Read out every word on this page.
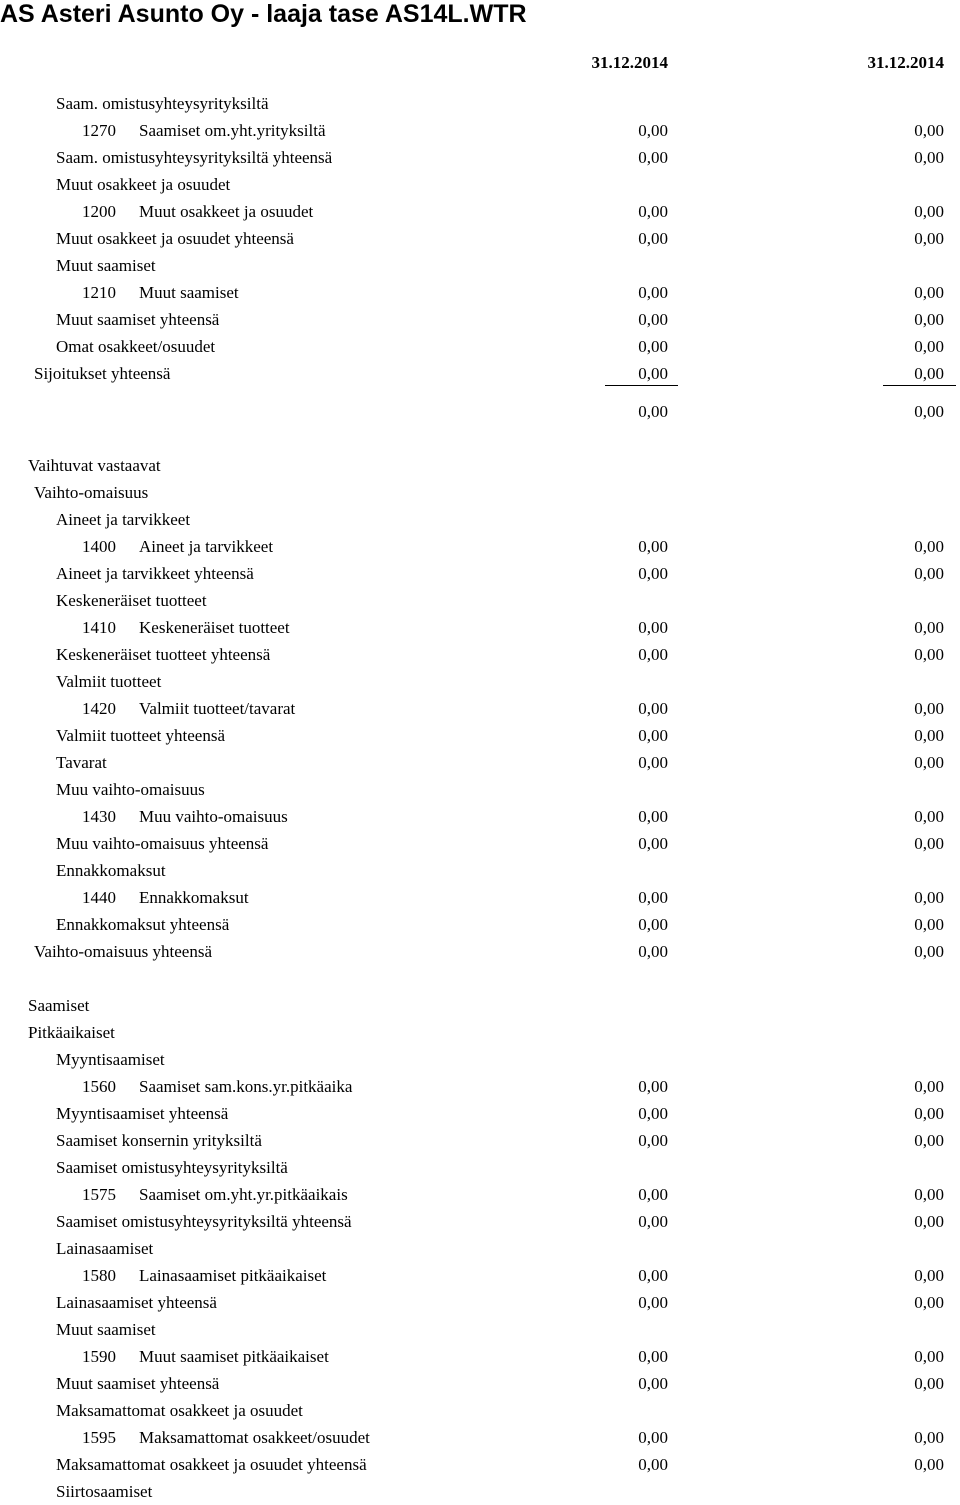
AS Asteri Asunto Oy - laaja tase AS14L.WTR
31.12.2014	31.12.2014
Saam. omistusyhteysyrityksiltä
1270	Saamiset om.yht.yrityksiltä	0,00	0,00
Saam. omistusyhteysyrityksiltä yhteensä	0,00	0,00
Muut osakkeet ja osuudet
1200	Muut osakkeet ja osuudet	0,00	0,00
Muut osakkeet ja osuudet yhteensä	0,00	0,00
Muut saamiset
1210	Muut saamiset	0,00	0,00
Muut saamiset yhteensä	0,00	0,00
Omat osakkeet/osuudet	0,00	0,00
Sijoitukset yhteensä	0,00	0,00
0,00	0,00
Vaihtuvat vastaavat
Vaihto-omaisuus
Aineet ja tarvikkeet
1400	Aineet ja tarvikkeet	0,00	0,00
Aineet ja tarvikkeet yhteensä	0,00	0,00
Keskeneräiset tuotteet
1410	Keskeneräiset tuotteet	0,00	0,00
Keskeneräiset tuotteet yhteensä	0,00	0,00
Valmiit tuotteet
1420	Valmiit tuotteet/tavarat	0,00	0,00
Valmiit tuotteet yhteensä	0,00	0,00
Tavarat	0,00	0,00
Muu vaihto-omaisuus
1430	Muu vaihto-omaisuus	0,00	0,00
Muu vaihto-omaisuus yhteensä	0,00	0,00
Ennakkomaksut
1440	Ennakkomaksut	0,00	0,00
Ennakkomaksut yhteensä	0,00	0,00
Vaihto-omaisuus yhteensä	0,00	0,00
Saamiset
Pitkäaikaiset
Myyntisaamiset
1560	Saamiset sam.kons.yr.pitkäaika	0,00	0,00
Myyntisaamiset yhteensä	0,00	0,00
Saamiset konsernin yrityksiltä	0,00	0,00
Saamiset omistusyhteysyrityksiltä
1575	Saamiset om.yht.yr.pitkäaikais	0,00	0,00
Saamiset omistusyhteysyrityksiltä yhteensä	0,00	0,00
Lainasaamiset
1580	Lainasaamiset pitkäaikaiset	0,00	0,00
Lainasaamiset yhteensä	0,00	0,00
Muut saamiset
1590	Muut saamiset pitkäaikaiset	0,00	0,00
Muut saamiset yhteensä	0,00	0,00
Maksamattomat osakkeet ja osuudet
1595	Maksamattomat osakkeet/osuudet	0,00	0,00
Maksamattomat osakkeet ja osuudet yhteensä	0,00	0,00
Siirtosaamiset
